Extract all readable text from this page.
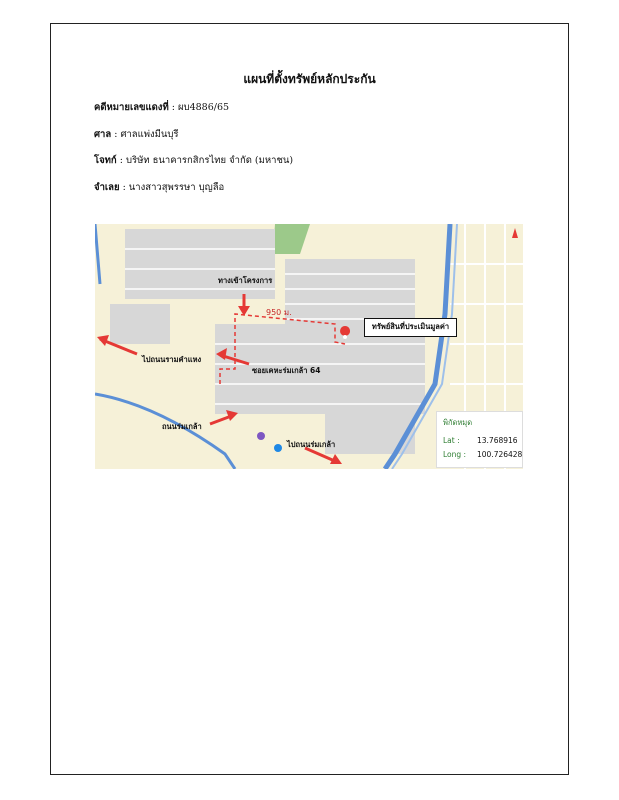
แผนที่ตั้งทรัพย์หลักประกัน
คดีหมายเลขแดงที่ : ผบ4886/65
ศาล : ศาลแพ่งมีนบุรี
โจทก์ : บริษัท ธนาคารกสิกรไทย จำกัด (มหาชน)
จำเลย : นางสาวสุพรรษา บุญลือ
ทางเข้าโครงการ
950 ม.
ทรัพย์สินที่ประเมินมูลค่า
ไปถนนรามคำแหง
ซอยเคหะร่มเกล้า 64
ถนนร่มเกล้า
ไปถนนร่มเกล้า
พิกัดหมุด
Lat : 13.768916
Long : 100.726428
